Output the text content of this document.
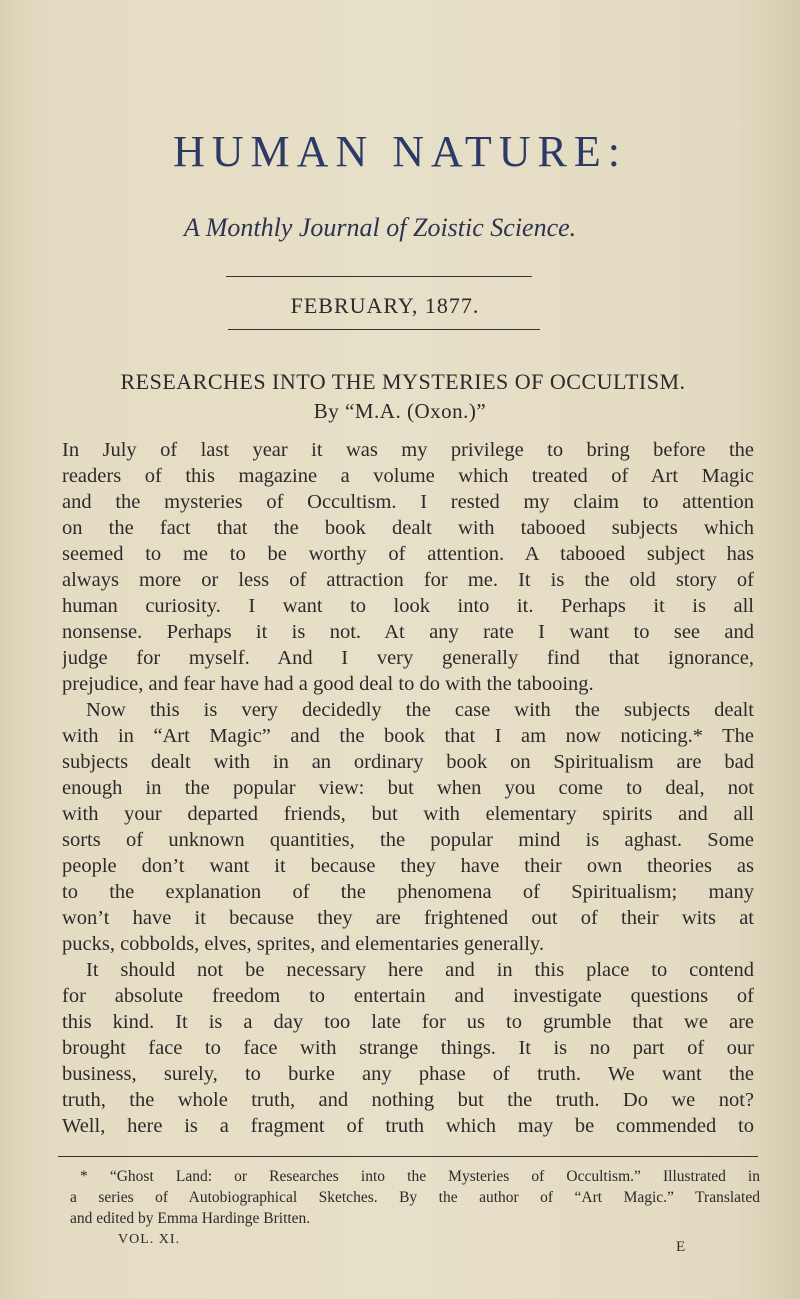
HUMAN NATURE:
A Monthly Journal of Zoistic Science.
FEBRUARY, 1877.
RESEARCHES INTO THE MYSTERIES OF OCCULTISM.
By “M.A. (Oxon.)”
In July of last year it was my privilege to bring before the
readers of this magazine a volume which treated of Art Magic
and the mysteries of Occultism. I rested my claim to attention
on the fact that the book dealt with tabooed subjects which
seemed to me to be worthy of attention. A tabooed subject has
always more or less of attraction for me. It is the old story of
human curiosity. I want to look into it. Perhaps it is all
nonsense. Perhaps it is not. At any rate I want to see and
judge for myself. And I very generally find that ignorance,
prejudice, and fear have had a good deal to do with the tabooing.
Now this is very decidedly the case with the subjects dealt
with in “Art Magic” and the book that I am now noticing.* The
subjects dealt with in an ordinary book on Spiritualism are bad
enough in the popular view: but when you come to deal, not
with your departed friends, but with elementary spirits and all
sorts of unknown quantities, the popular mind is aghast. Some
people don’t want it because they have their own theories as
to the explanation of the phenomena of Spiritualism; many
won’t have it because they are frightened out of their wits at
pucks, cobbolds, elves, sprites, and elementaries generally.
It should not be necessary here and in this place to contend
for absolute freedom to entertain and investigate questions of
this kind. It is a day too late for us to grumble that we are
brought face to face with strange things. It is no part of our
business, surely, to burke any phase of truth. We want the
truth, the whole truth, and nothing but the truth. Do we not?
Well, here is a fragment of truth which may be commended to
* “Ghost Land: or Researches into the Mysteries of Occultism.” Illustrated in
a series of Autobiographical Sketches. By the author of “Art Magic.” Translated
and edited by Emma Hardinge Britten.
VOL. XI.	E
